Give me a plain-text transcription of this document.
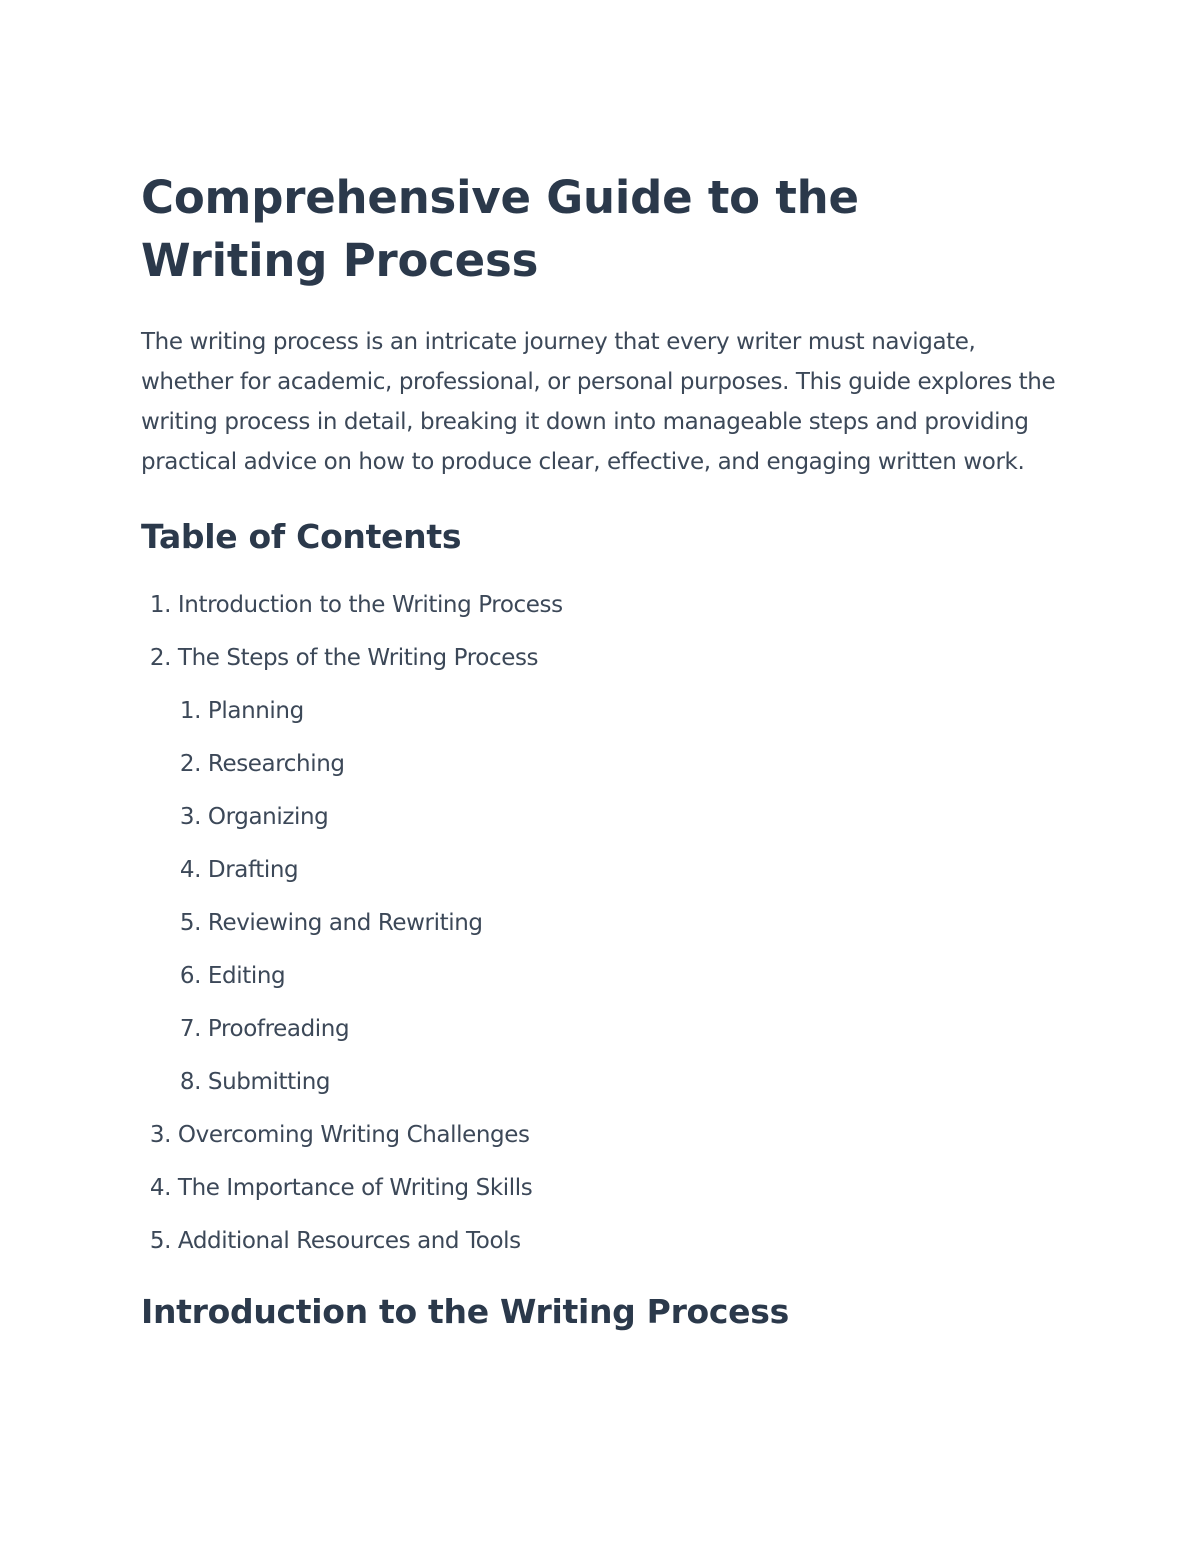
Comprehensive Guide to the Writing Process

The writing process is an intricate journey that every writer must navigate, whether for academic, professional, or personal purposes. This guide explores the writing process in detail, breaking it down into manageable steps and providing practical advice on how to produce clear, effective, and engaging written work.

Table of Contents
1. Introduction to the Writing Process
2. The Steps of the Writing Process
1. Planning
2. Researching
3. Organizing
4. Drafting
5. Reviewing and Rewriting
6. Editing
7. Proofreading
8. Submitting
3. Overcoming Writing Challenges
4. The Importance of Writing Skills
5. Additional Resources and Tools
Introduction to the Writing Process
